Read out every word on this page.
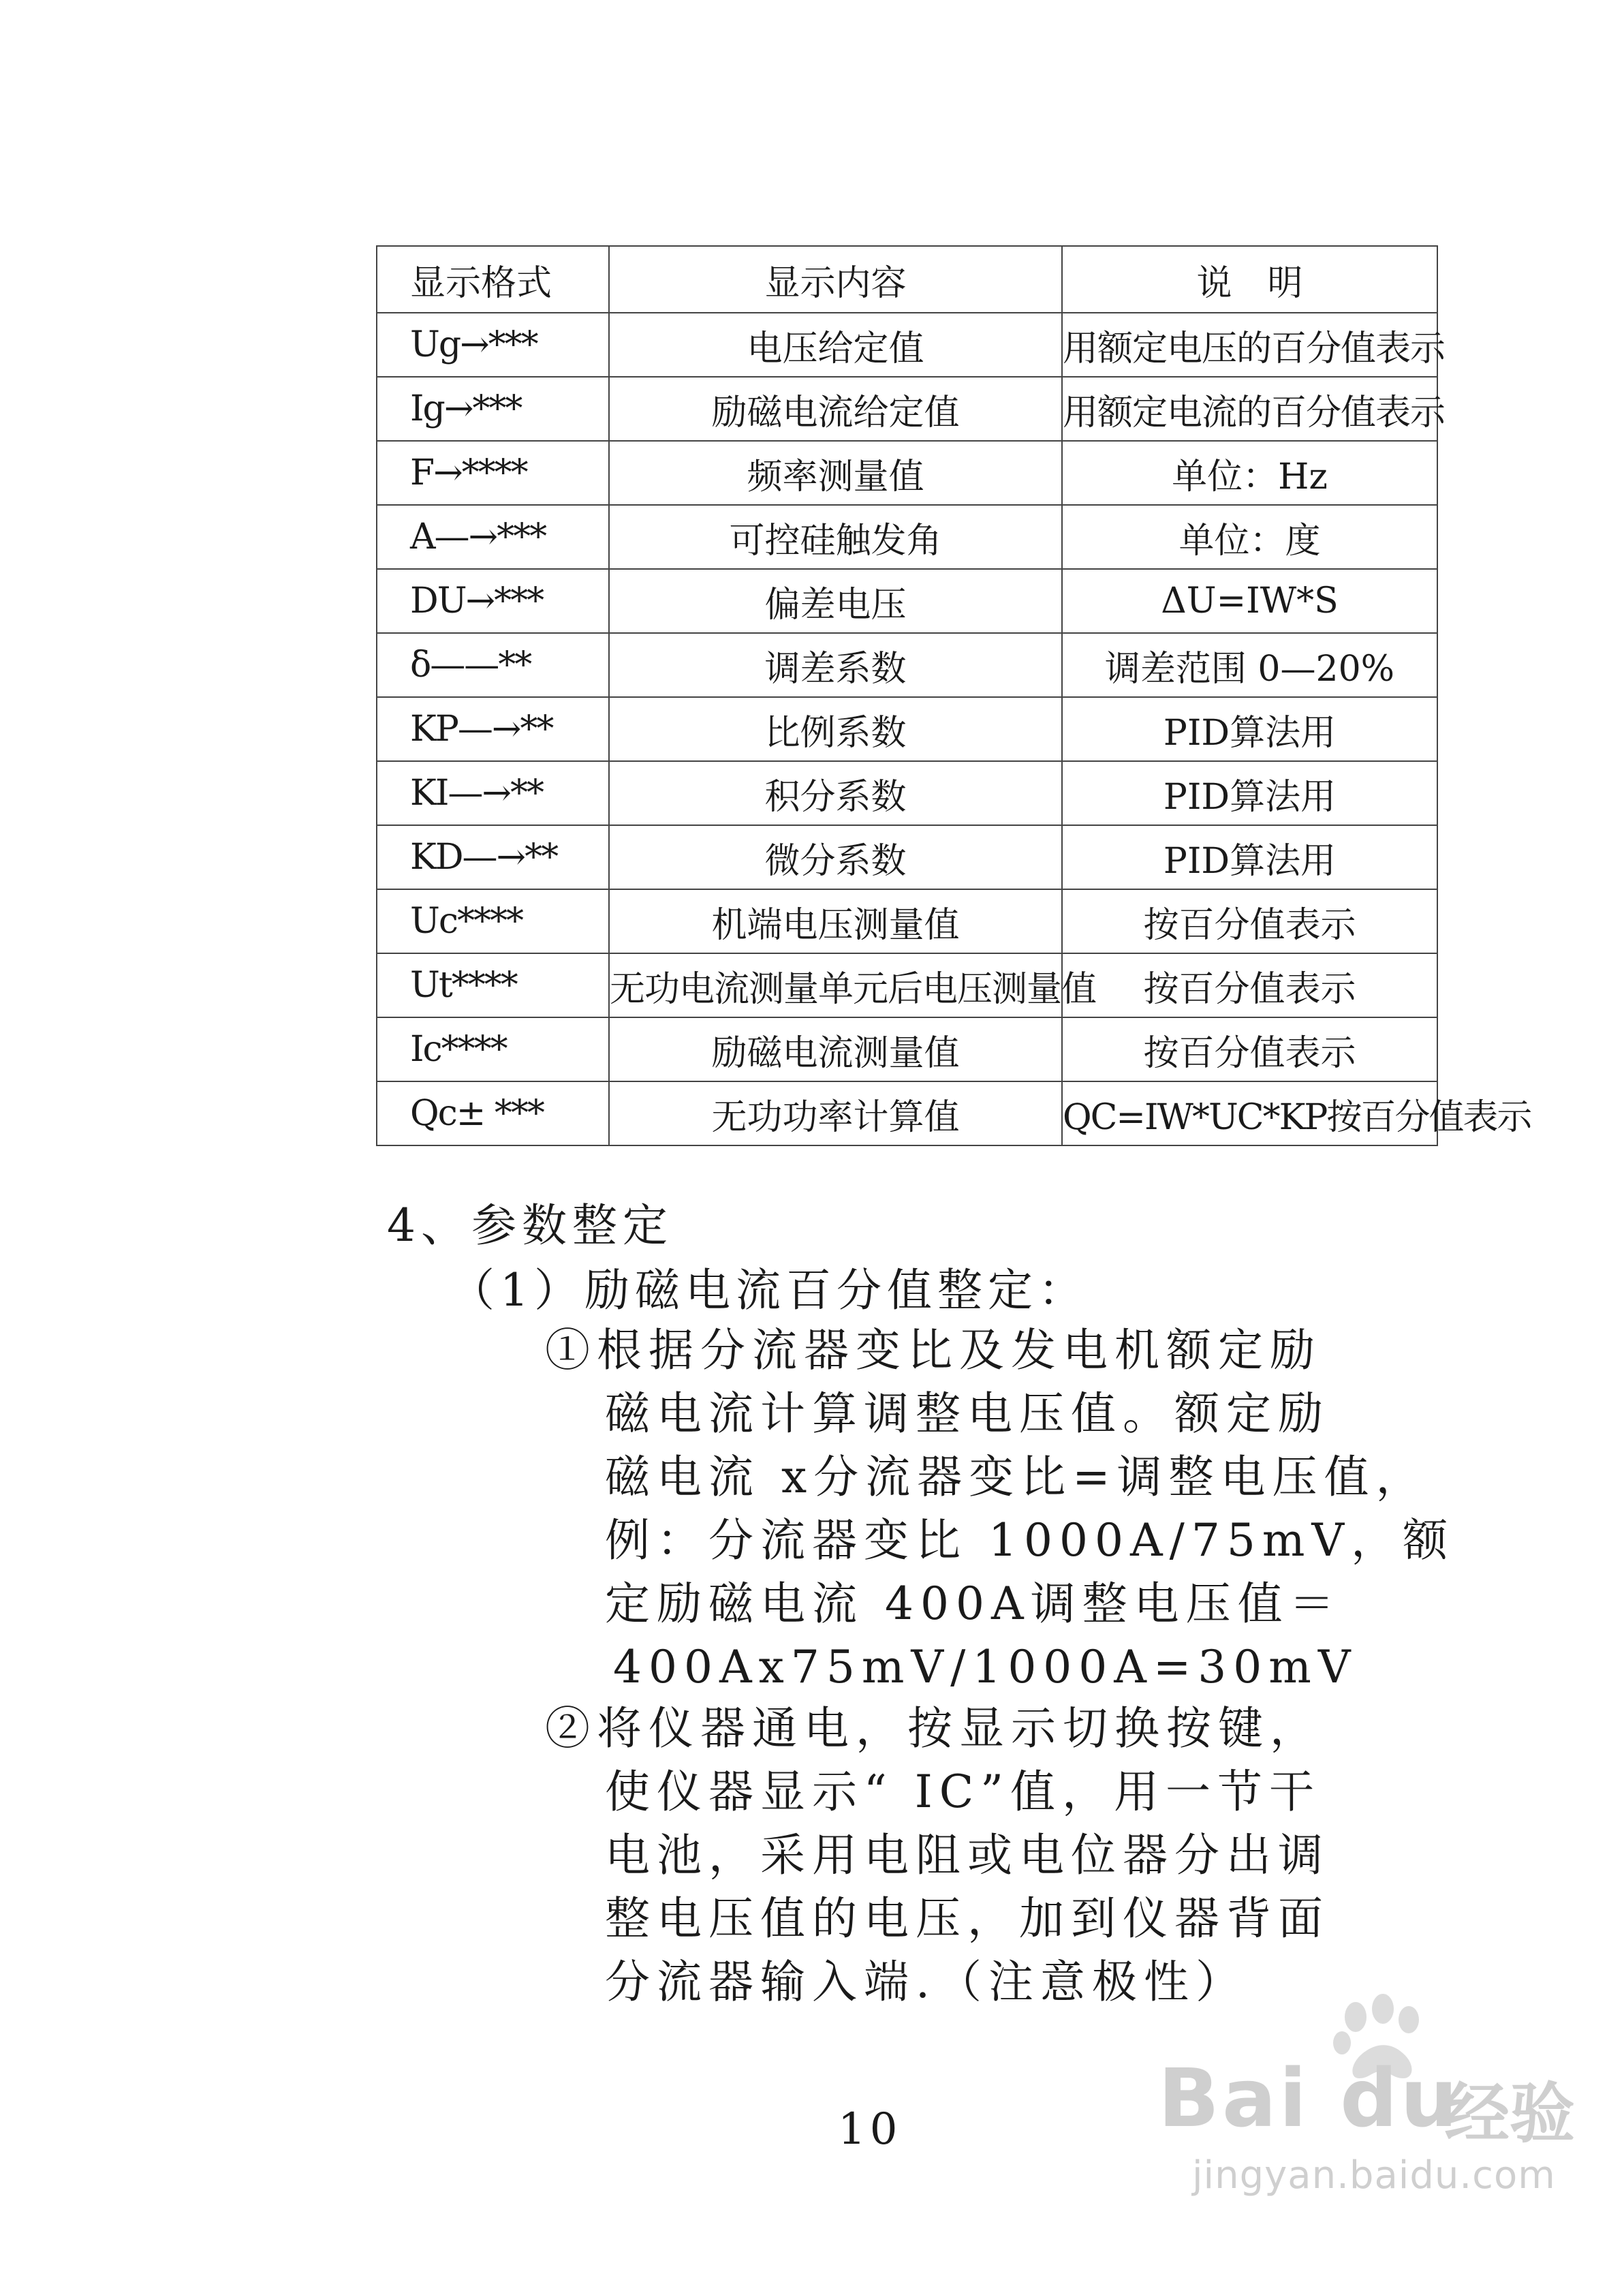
显示格式	显示内容	说　明
Ug→***	电压给定值	用额定电压的百分值表示
Ig→***	励磁电流给定值	用额定电流的百分值表示
F→****	频率测量值	单位：Hz
A—→***	可控硅触发角	单位：度
DU→***	偏差电压	ΔU=IW*S
δ——**	调差系数	调差范围 0—20%
KP—→**	比例系数	PID算法用
KI—→**	积分系数	PID算法用
KD—→**	微分系数	PID算法用
Uc****	机端电压测量值	按百分值表示
Ut****	无功电流测量单元后电压测量值	按百分值表示
Ic****	励磁电流测量值	按百分值表示
Qc± ***	无功功率计算值	QC=IW*UC*KP按百分值表示
4、参数整定
（1）励磁电流百分值整定：
①根据分流器变比及发电机额定励
磁电流计算调整电压值。额定励
磁电流 x分流器变比=调整电压值，
例：分流器变比 1000A/75mV，额
定励磁电流 400A调整电压值＝
400Ax75mV/1000A=30mV
②将仪器通电，按显示切换按键，
使仪器显示“ IC”值，用一节干
电池，采用电阻或电位器分出调
整电压值的电压，加到仪器背面
分流器输入端.（注意极性）
10	Bai du
经验
jingyan.baidu.com
